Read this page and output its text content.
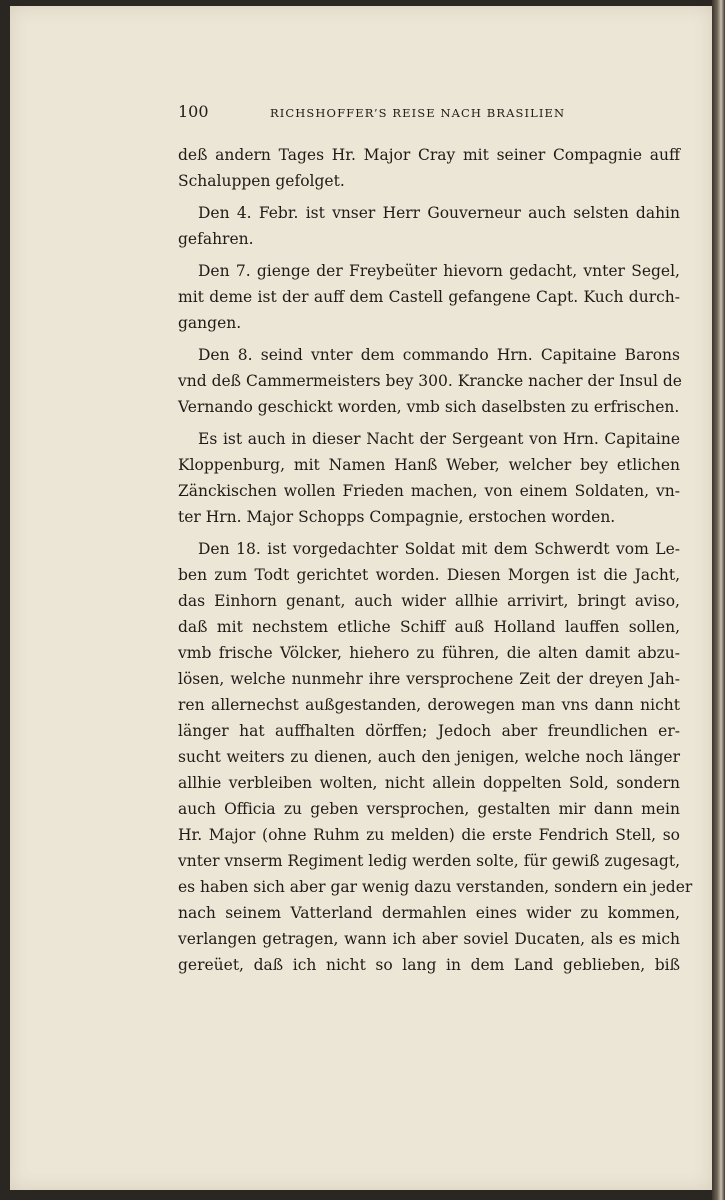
100	RICHSHOFFER’S REISE NACH BRASILIEN
deß andern Tages Hr. Major Cray mit seiner Compagnie auff
Schaluppen gefolget.
Den 4. Febr. ist vnser Herr Gouverneur auch selsten dahin
gefahren.
Den 7. gienge der Freybeüter hievorn gedacht, vnter Segel,
mit deme ist der auff dem Castell gefangene Capt. Kuch durch-
gangen.
Den 8. seind vnter dem commando Hrn. Capitaine Barons
vnd deß Cammermeisters bey 300. Krancke nacher der Insul de
Vernando geschickt worden, vmb sich daselbsten zu erfrischen.
Es ist auch in dieser Nacht der Sergeant von Hrn. Capitaine
Kloppenburg, mit Namen Hanß Weber, welcher bey etlichen
Zänckischen wollen Frieden machen, von einem Soldaten, vn-
ter Hrn. Major Schopps Compagnie, erstochen worden.
Den 18. ist vorgedachter Soldat mit dem Schwerdt vom Le-
ben zum Todt gerichtet worden. Diesen Morgen ist die Jacht,
das Einhorn genant, auch wider allhie arrivirt, bringt aviso,
daß mit nechstem etliche Schiff auß Holland lauffen sollen,
vmb frische Völcker, hiehero zu führen, die alten damit abzu-
lösen, welche nunmehr ihre versprochene Zeit der dreyen Jah-
ren allernechst außgestanden, derowegen man vns dann nicht
länger hat auffhalten dörffen; Jedoch aber freundlichen er-
sucht weiters zu dienen, auch den jenigen, welche noch länger
allhie verbleiben wolten, nicht allein doppelten Sold, sondern
auch Officia zu geben versprochen, gestalten mir dann mein
Hr. Major (ohne Ruhm zu melden) die erste Fendrich Stell, so
vnter vnserm Regiment ledig werden solte, für gewiß zugesagt,
es haben sich aber gar wenig dazu verstanden, sondern ein jeder
nach seinem Vatterland dermahlen eines wider zu kommen,
verlangen getragen, wann ich aber soviel Ducaten, als es mich
gereüet, daß ich nicht so lang in dem Land geblieben, biß
